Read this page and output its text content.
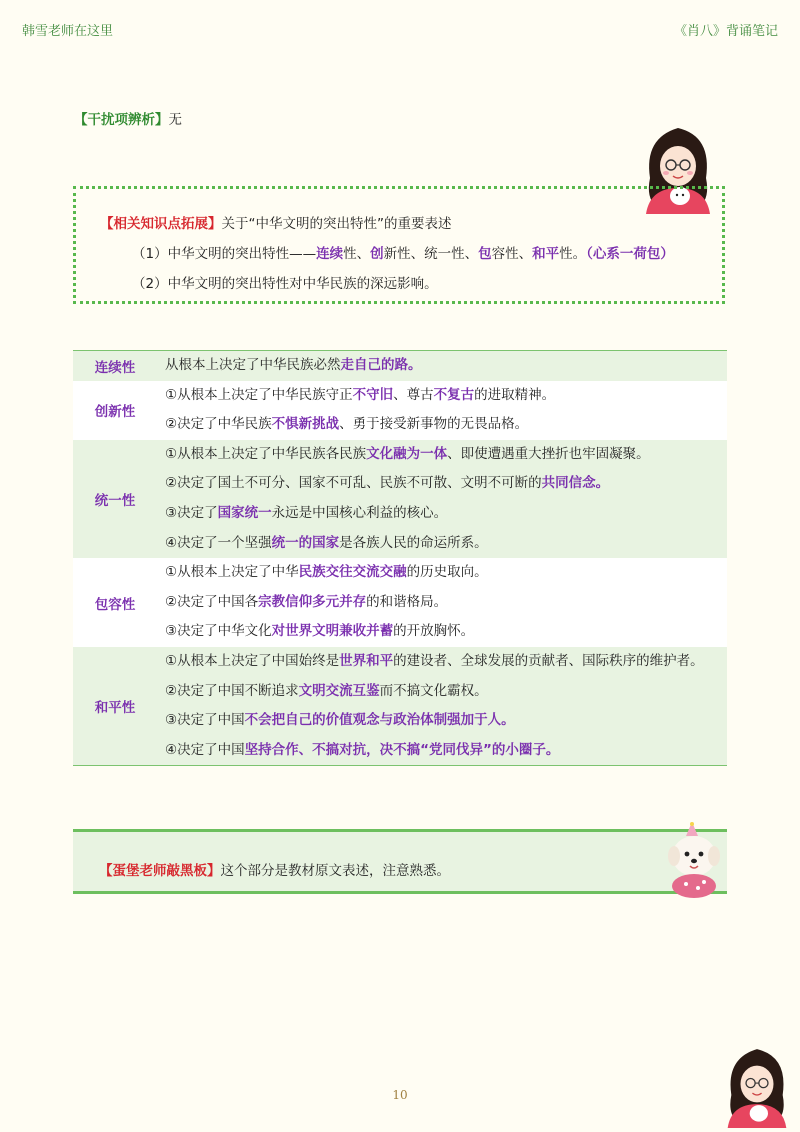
韩雪老师在这里	《肖八》背诵笔记
【干扰项辨析】无
【相关知识点拓展】关于“中华文明的突出特性”的重要表述
（1）中华文明的突出特性——连续性、创新性、统一性、包容性、和平性。（心系一荷包）
（2）中华文明的突出特性对中华民族的深远影响。
连续性	从根本上决定了中华民族必然走自己的路。

创新性	①从根本上决定了中华民族守正不守旧、尊古不复古的进取精神。
②决定了中华民族不惧新挑战、勇于接受新事物的无畏品格。

统一性	①从根本上决定了中华民族各民族文化融为一体、即使遭遇重大挫折也牢固凝聚。
②决定了国土不可分、国家不可乱、民族不可散、文明不可断的共同信念。
③决定了国家统一永远是中国核心利益的核心。
④决定了一个坚强统一的国家是各族人民的命运所系。

包容性	①从根本上决定了中华民族交往交流交融的历史取向。
②决定了中国各宗教信仰多元并存的和谐格局。
③决定了中华文化对世界文明兼收并蓄的开放胸怀。

和平性	①从根本上决定了中国始终是世界和平的建设者、全球发展的贡献者、国际秩序的维护者。
②决定了中国不断追求文明交流互鉴而不搞文化霸权。
③决定了中国不会把自己的价值观念与政治体制强加于人。
④决定了中国坚持合作、不搞对抗，决不搞“党同伐异”的小圈子。
【蛋堡老师敲黑板】这个部分是教材原文表述，注意熟悉。
10
